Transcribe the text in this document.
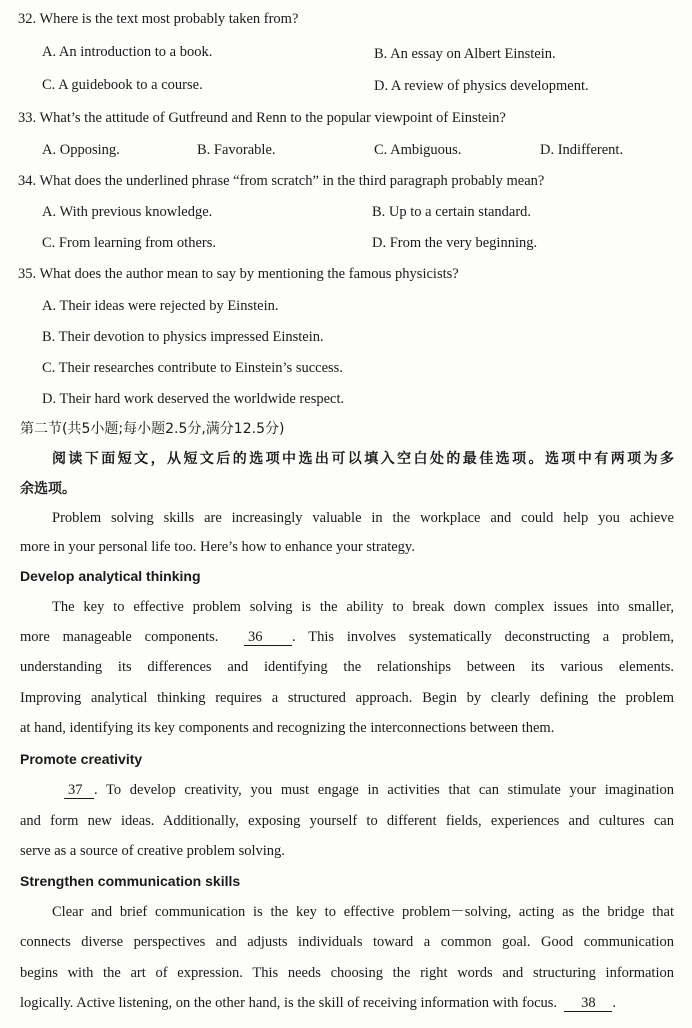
32. Where is the text most probably taken from?
A. An introduction to a book.	B. An essay on Albert Einstein.
C. A guidebook to a course.	D. A review of physics development.
33. What’s the attitude of Gutfreund and Renn to the popular viewpoint of Einstein?
A. Opposing.	B. Favorable.	C. Ambiguous.	D. Indifferent.
34. What does the underlined phrase “from scratch” in the third paragraph probably mean?
A. With previous knowledge.	B. Up to a certain standard.
C. From learning from others.	D. From the very beginning.
35. What does the author mean to say by mentioning the famous physicists?
A. Their ideas were rejected by Einstein.
B. Their devotion to physics impressed Einstein.
C. Their researches contribute to Einstein’s success.
D. Their hard work deserved the worldwide respect.
第二节(共5小题;每小题2.5分,满分12.5分)
阅读下面短文，从短文后的选项中选出可以填入空白处的最佳选项。选项中有两项为多
余选项。
Problem solving skills are increasingly valuable in the workplace and could help you achieve
more in your personal life too. Here’s how to enhance your strategy.
Develop analytical thinking
The key to effective problem solving is the ability to break down complex issues into smaller,
more manageable components. 36 . This involves systematically deconstructing a problem,
understanding its differences and identifying the relationships between its various elements.
Improving analytical thinking requires a structured approach. Begin by clearly defining the problem
at hand, identifying its key components and recognizing the interconnections between them.
Promote creativity
37 . To develop creativity, you must engage in activities that can stimulate your imagination
and form new ideas. Additionally, exposing yourself to different fields, experiences and cultures can
serve as a source of creative problem solving.
Strengthen communication skills
Clear and brief communication is the key to effective problem－solving, acting as the bridge that
connects diverse perspectives and adjusts individuals toward a common goal. Good communication
begins with the art of expression. This needs choosing the right words and structuring information
logically. Active listening, on the other hand, is the skill of receiving information with focus. 38 .
